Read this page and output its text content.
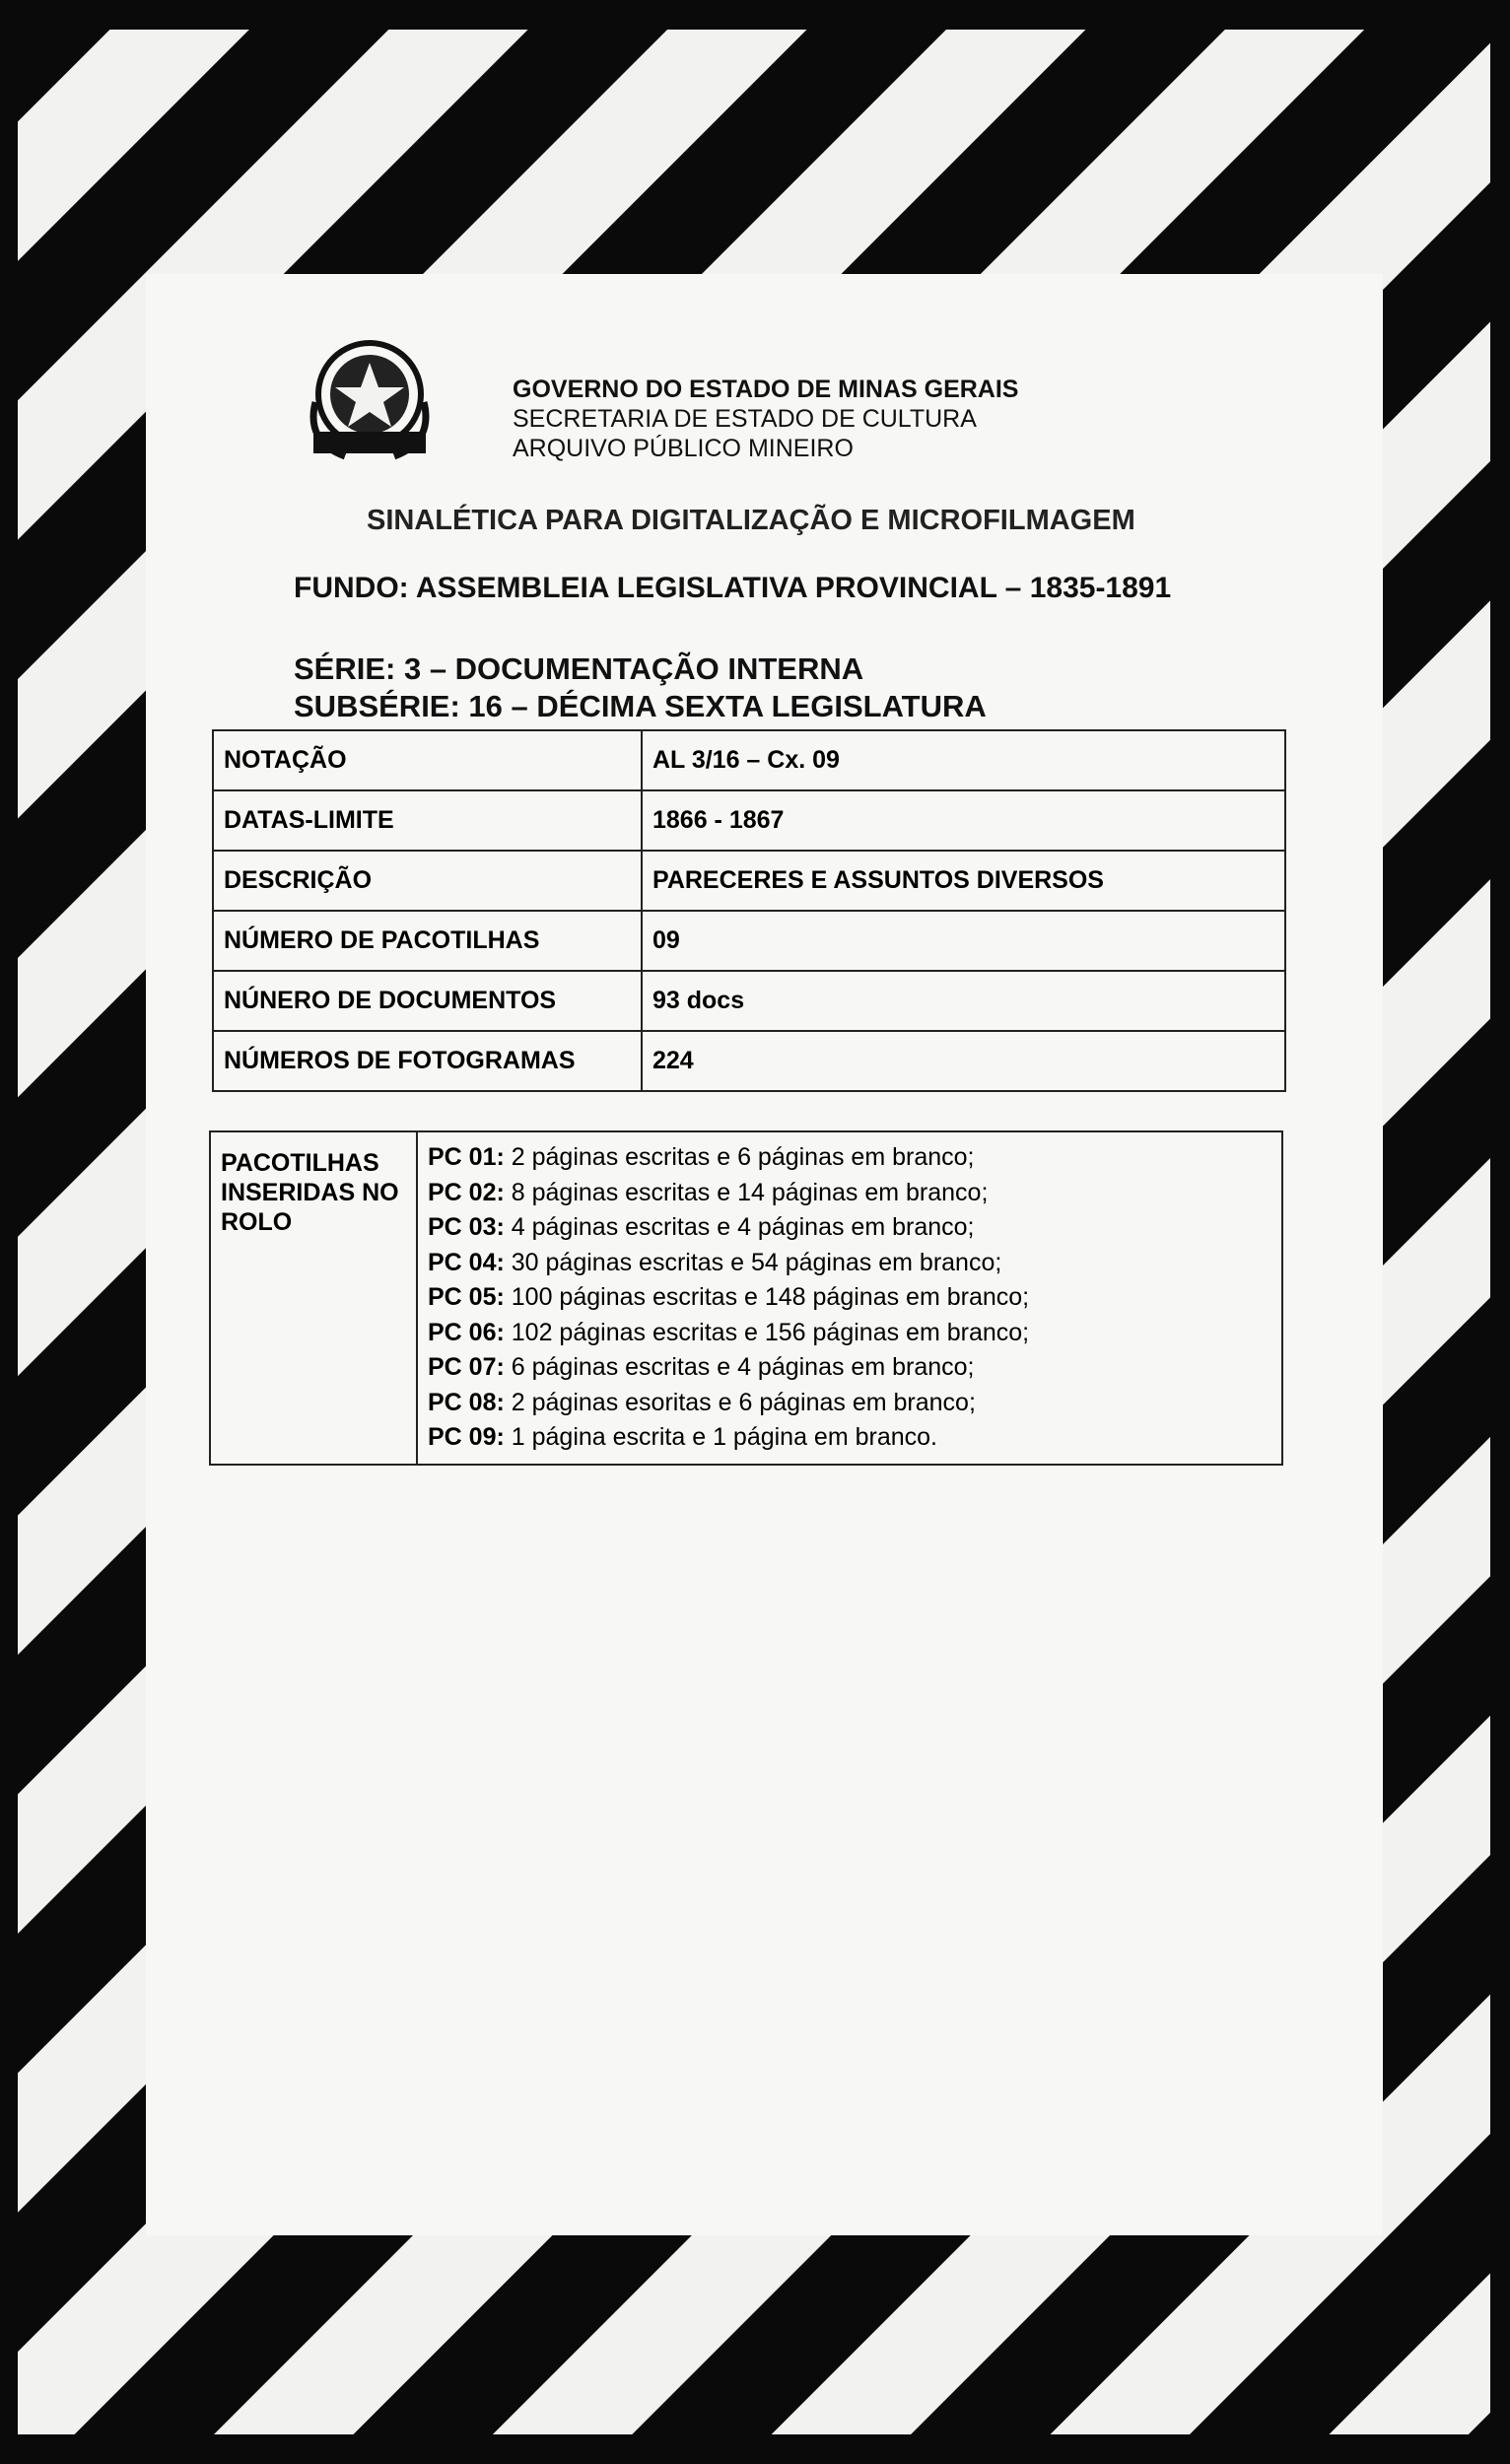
GOVERNO DO ESTADO DE MINAS GERAIS
SECRETARIA DE ESTADO DE CULTURA
ARQUIVO PÚBLICO MINEIRO
SINALÉTICA PARA DIGITALIZAÇÃO E MICROFILMAGEM
FUNDO: ASSEMBLEIA LEGISLATIVA PROVINCIAL – 1835-1891
SÉRIE: 3 – DOCUMENTAÇÃO INTERNA
SUBSÉRIE: 16 – DÉCIMA SEXTA LEGISLATURA
NOTAÇÃO	AL 3/16 – Cx. 09
DATAS-LIMITE	1866 - 1867
DESCRIÇÃO	PARECERES E ASSUNTOS DIVERSOS
NÚMERO DE PACOTILHAS	09
NÚNERO DE DOCUMENTOS	93 docs
NÚMEROS DE FOTOGRAMAS	224
PACOTILHAS
INSERIDAS NO
ROLO

PC 01: 2 páginas escritas e 6 páginas em branco;
PC 02: 8 páginas escritas e 14 páginas em branco;
PC 03: 4 páginas escritas e 4 páginas em branco;
PC 04: 30 páginas escritas e 54 páginas em branco;
PC 05: 100 páginas escritas e 148 páginas em branco;
PC 06: 102 páginas escritas e 156 páginas em branco;
PC 07: 6 páginas escritas e 4 páginas em branco;
PC 08: 2 páginas esoritas e 6 páginas em branco;
PC 09: 1 página escrita e 1 página em branco.
